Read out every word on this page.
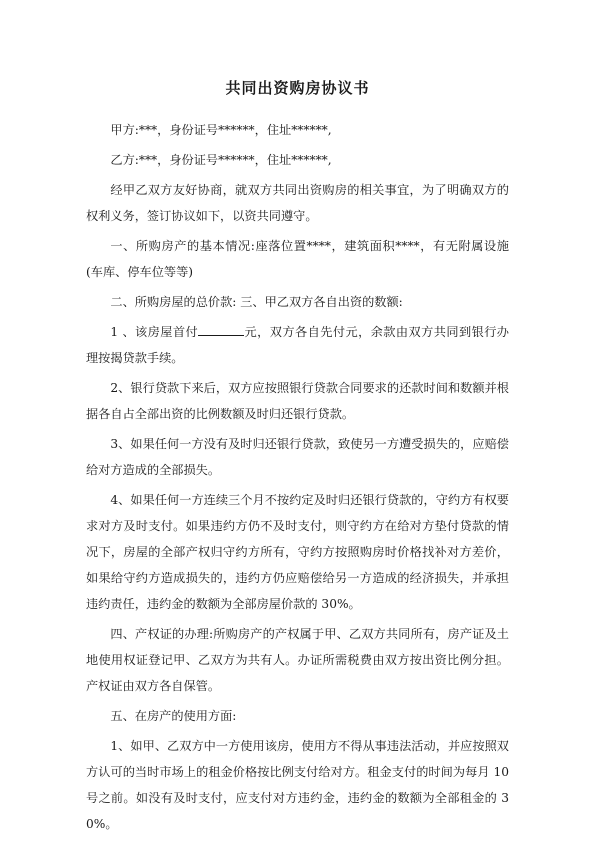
共同出资购房协议书

甲方:***，身份证号******，住址******,

乙方:***，身份证号******，住址******,

经甲乙双方友好协商，就双方共同出资购房的相关事宜，为了明确双方的权利义务，签订协议如下，以资共同遵守。

一、所购房产的基本情况:座落位置****，建筑面积****，有无附属设施(车库、停车位等等)

二、所购房屋的总价款: 三、甲乙双方各自出资的数额:

1 、该房屋首付	元，双方各自先付元，余款由双方共同到银行办理按揭贷款手续。

2、银行贷款下来后，双方应按照银行贷款合同要求的还款时间和数额并根据各自占全部出资的比例数额及时归还银行贷款。

3、如果任何一方没有及时归还银行贷款，致使另一方遭受损失的，应赔偿给对方造成的全部损失。

4、如果任何一方连续三个月不按约定及时归还银行贷款的，守约方有权要求对方及时支付。如果违约方仍不及时支付，则守约方在给对方垫付贷款的情况下，房屋的全部产权归守约方所有，守约方按照购房时价格找补对方差价，如果给守约方造成损失的，违约方仍应赔偿给另一方造成的经济损失，并承担违约责任，违约金的数额为全部房屋价款的 30%。

四、产权证的办理:所购房产的产权属于甲、乙双方共同所有，房产证及土地使用权证登记甲、乙双方为共有人。办证所需税费由双方按出资比例分担。产权证由双方各自保管。

五、在房产的使用方面:

1、如甲、乙双方中一方使用该房，使用方不得从事违法活动，并应按照双方认可的当时市场上的租金价格按比例支付给对方。租金支付的时间为每月 10 号之前。如没有及时支付，应支付对方违约金，违约金的数额为全部租金的 30%。
